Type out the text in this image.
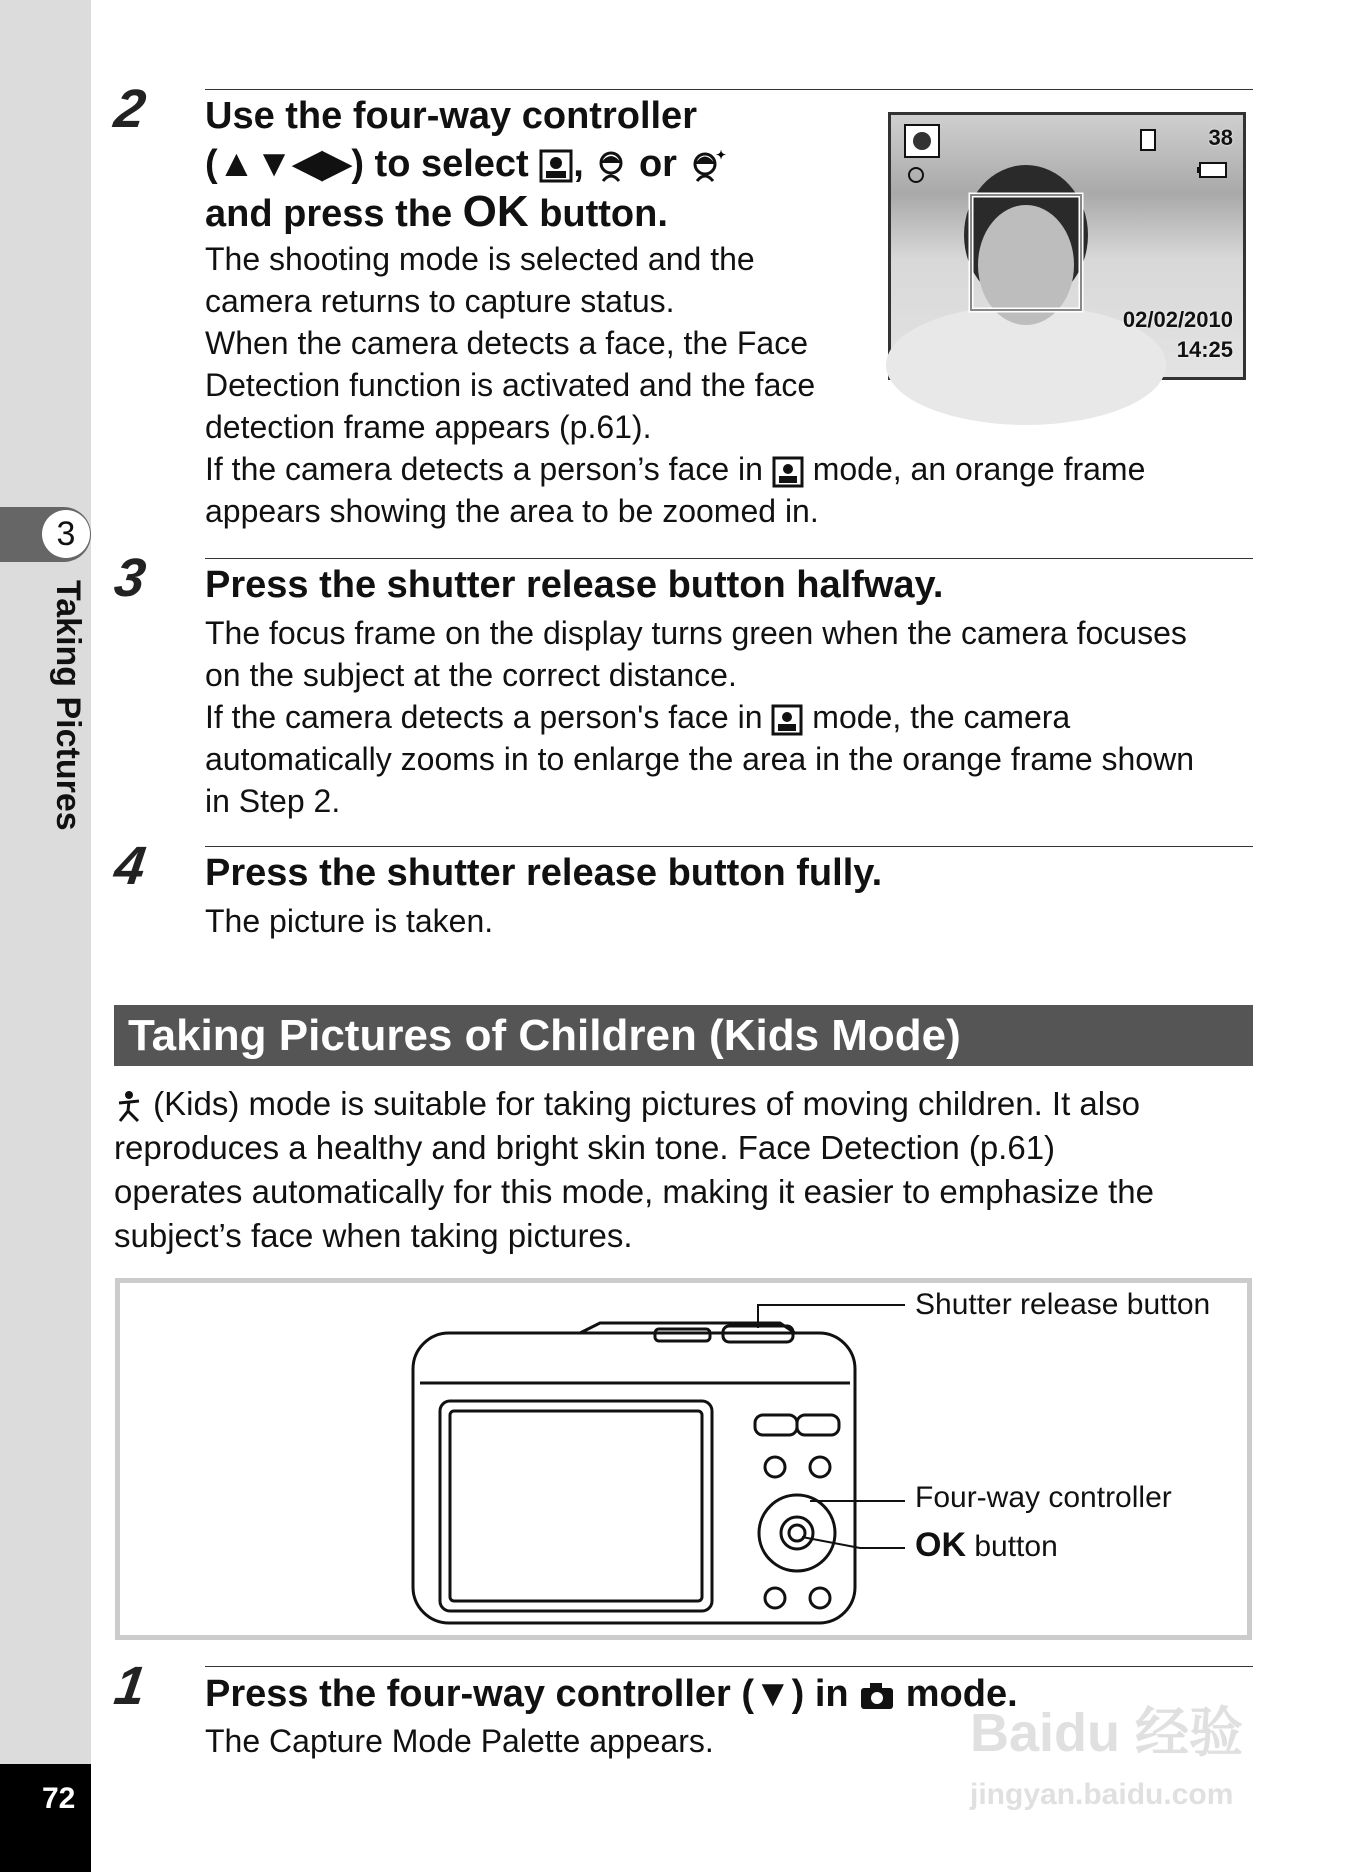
3
Taking Pictures
72
2 Use the four-way controller
(▲▼◀▶) to select , or	✦
and press the OK button.
The shooting mode is selected and the
camera returns to capture status.
When the camera detects a face, the Face
Detection function is activated and the face
detection frame appears (p.61).
If the camera detects a person’s face in mode, an orange frame
appears showing the area to be zoomed in.
38
02/02/2010
14:25
3 Press the shutter release button halfway.
The focus frame on the display turns green when the camera focuses
on the subject at the correct distance.
If the camera detects a person's face in mode, the camera
automatically zooms in to enlarge the area in the orange frame shown
in Step 2.
4 Press the shutter release button fully.
The picture is taken.
Taking Pictures of Children (Kids Mode)
(Kids) mode is suitable for taking pictures of moving children. It also
reproduces a healthy and bright skin tone. Face Detection (p.61)
operates automatically for this mode, making it easier to emphasize the
subject’s face when taking pictures.
Shutter release button
Four-way controller
OK button
1 Press the four-way controller (▼) in mode.
The Capture Mode Palette appears.	Baidu 经验
jingyan.baidu.com
